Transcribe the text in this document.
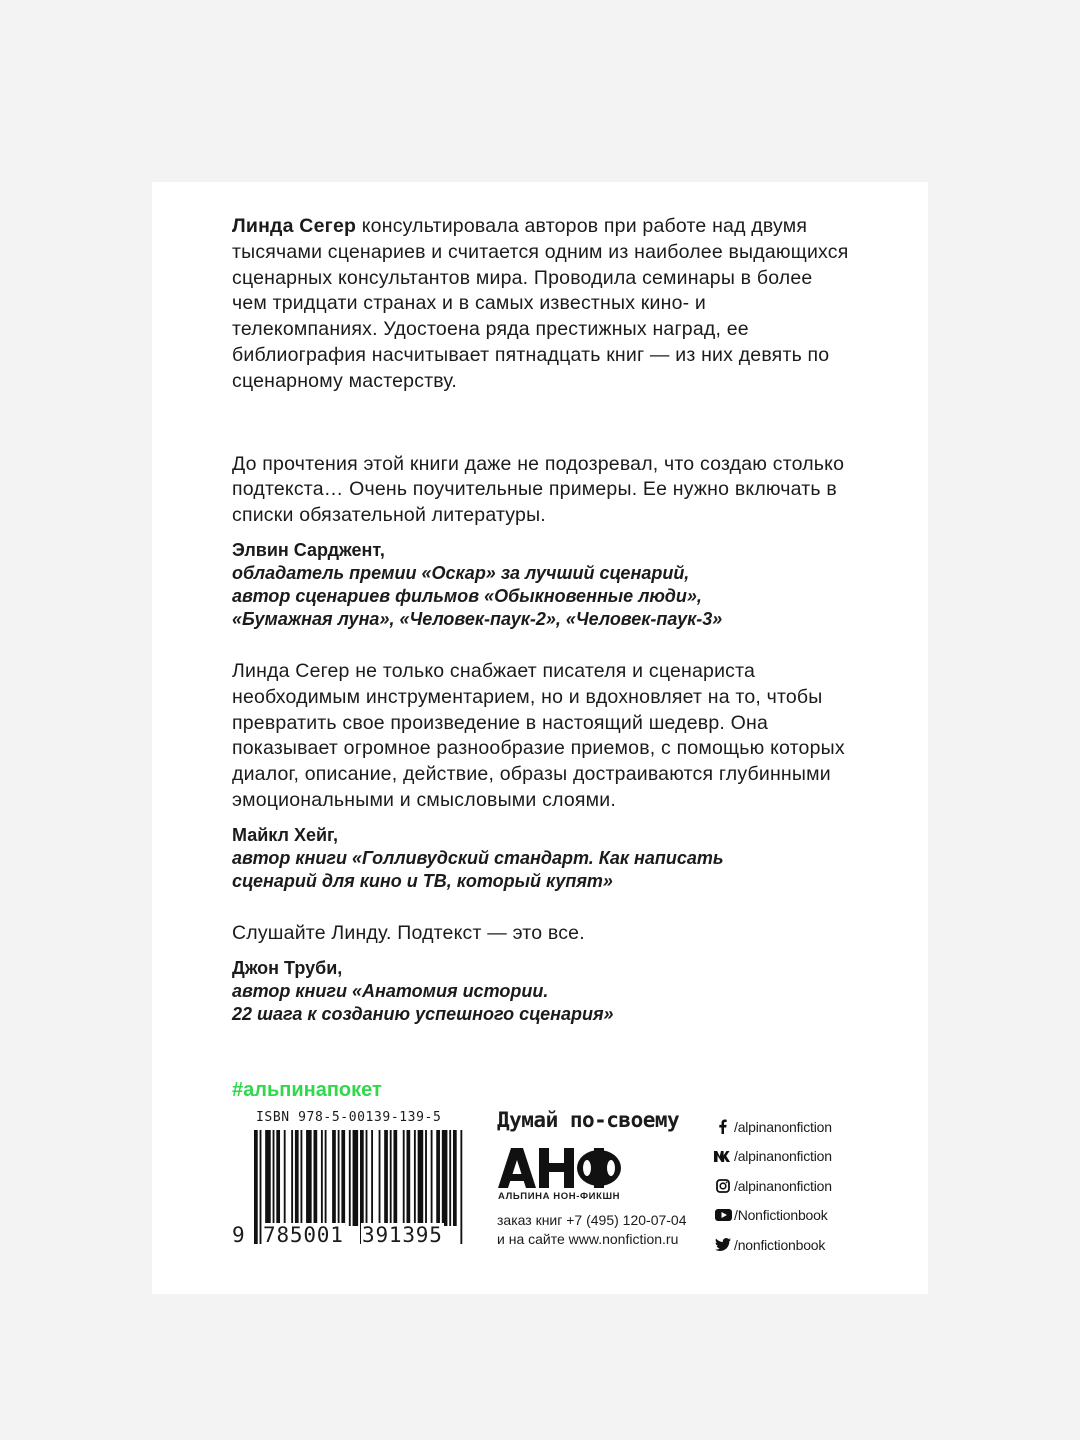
Линда Сегер консультировала авторов при работе над двумя тысячами сценариев и считается одним из наиболее выдающихся сценарных консультантов мира. Проводила семинары в более чем тридцати странах и в самых известных кино- и телекомпаниях. Удостоена ряда престижных наград, ее библиография насчитывает пятнадцать книг — из них девять по сценарному мастерству.

До прочтения этой книги даже не подозревал, что создаю столько подтекста… Очень поучительные примеры. Ее нужно включать в списки обязательной литературы.

Элвин Сарджент,
обладатель премии «Оскар» за лучший сценарий,
автор сценариев фильмов «Обыкновенные люди»,
«Бумажная луна», «Человек-паук-2», «Человек-паук-3»

Линда Сегер не только снабжает писателя и сценариста необходимым инструментарием, но и вдохновляет на то, чтобы превратить свое произведение в настоящий шедевр. Она показывает огромное разнообразие приемов, с помощью которых диалог, описание, действие, образы достраиваются глубинными эмоциональными и смысловыми слоями.

Майкл Хейг,
автор книги «Голливудский стандарт. Как написать
сценарий для кино и ТВ, который купят»

Слушайте Линду. Подтекст — это все.

Джон Труби,
автор книги «Анатомия истории.
22 шага к созданию успешного сценария»

#альпинапокет
ISBN 978-5-00139-139-5
9 785001 391395
Думай по-своему
АЛЬПИНА НОН-ФИКШН
заказ книг +7 (495) 120-07-04
и на сайте www.nonfiction.ru
/alpinanonfiction
/alpinanonfiction
/alpinanonfiction
/Nonfictionbook
/nonfictionbook
